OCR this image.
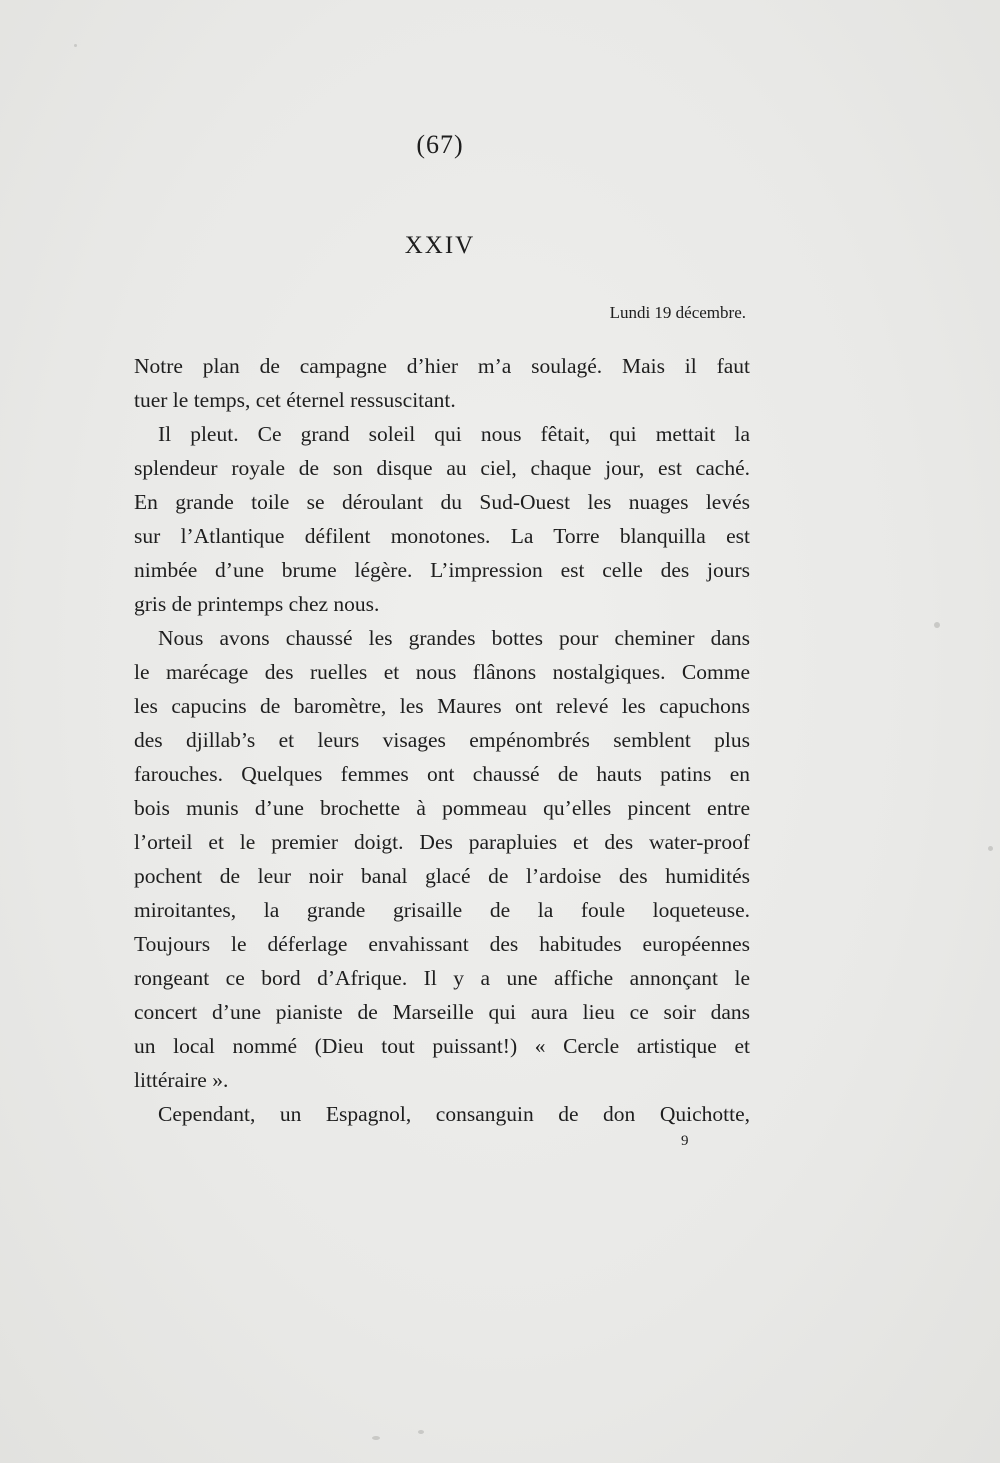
(67)
XXIV
Lundi 19 décembre.
Notre plan de campagne d’hier m’a soulagé. Mais il faut
tuer le temps, cet éternel ressuscitant.
Il pleut. Ce grand soleil qui nous fêtait, qui mettait la
splendeur royale de son disque au ciel, chaque jour, est caché.
En grande toile se déroulant du Sud-Ouest les nuages levés
sur l’Atlantique défilent monotones. La Torre blanquilla est
nimbée d’une brume légère. L’impression est celle des jours
gris de printemps chez nous.
Nous avons chaussé les grandes bottes pour cheminer dans
le marécage des ruelles et nous flânons nostalgiques. Comme
les capucins de baromètre, les Maures ont relevé les capuchons
des djillab’s et leurs visages empénombrés semblent plus
farouches. Quelques femmes ont chaussé de hauts patins en
bois munis d’une brochette à pommeau qu’elles pincent entre
l’orteil et le premier doigt. Des parapluies et des water-proof
pochent de leur noir banal glacé de l’ardoise des humidités
miroitantes, la grande grisaille de la foule loqueteuse.
Toujours le déferlage envahissant des habitudes européennes
rongeant ce bord d’Afrique. Il y a une affiche annonçant le
concert d’une pianiste de Marseille qui aura lieu ce soir dans
un local nommé (Dieu tout puissant!) « Cercle artistique et
littéraire ».
Cependant, un Espagnol, consanguin de don Quichotte,
9
